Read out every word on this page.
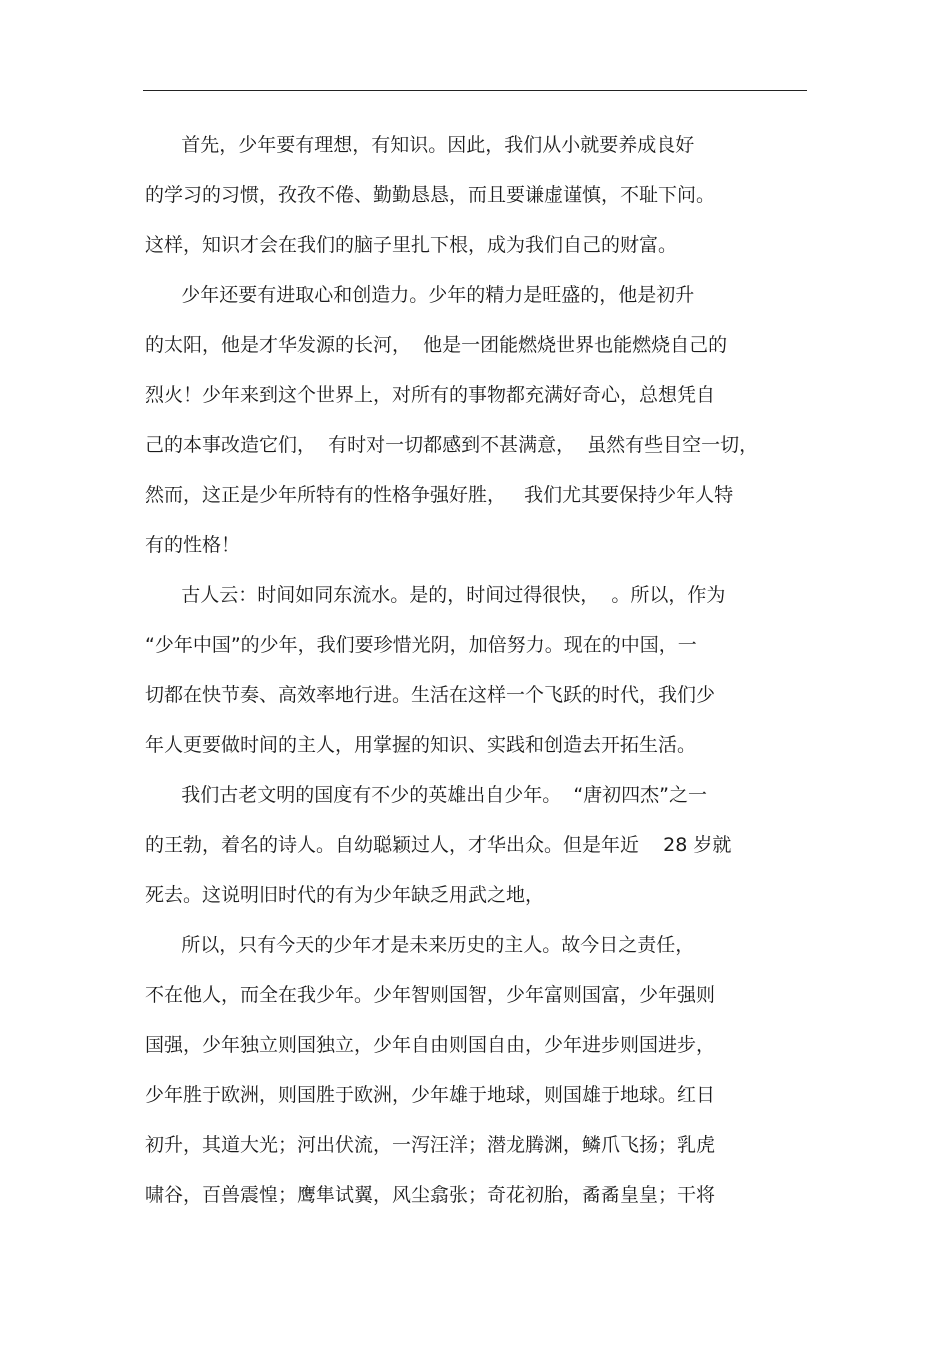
首先，少年要有理想，有知识。因此，我们从小就要养成良好
的学习的习惯，孜孜不倦、勤勤恳恳，而且要谦虚谨慎，不耻下问。
这样，知识才会在我们的脑子里扎下根，成为我们自己的财富。
少年还要有进取心和创造力。少年的精力是旺盛的，他是初升
的太阳，他是才华发源的长河，  他是一团能燃烧世界也能燃烧自己的
烈火！少年来到这个世界上，对所有的事物都充满好奇心，总想凭自
己的本事改造它们，  有时对一切都感到不甚满意，  虽然有些目空一切，
然而，这正是少年所特有的性格争强好胜，   我们尤其要保持少年人特
有的性格！
古人云：时间如同东流水。是的，时间过得很快，  。所以，作为
“少年中国”的少年，我们要珍惜光阴，加倍努力。现在的中国，一
切都在快节奏、高效率地行进。生活在这样一个飞跃的时代，我们少
年人更要做时间的主人，用掌握的知识、实践和创造去开拓生活。
我们古老文明的国度有不少的英雄出自少年。  “唐初四杰”之一
的王勃，着名的诗人。自幼聪颖过人，才华出众。但是年近    28 岁就
死去。这说明旧时代的有为少年缺乏用武之地，
所以，只有今天的少年才是未来历史的主人。故今日之责任，
不在他人，而全在我少年。少年智则国智，少年富则国富，少年强则
国强，少年独立则国独立，少年自由则国自由，少年进步则国进步，
少年胜于欧洲，则国胜于欧洲，少年雄于地球，则国雄于地球。红日
初升，其道大光；河出伏流，一泻汪洋；潜龙腾渊，鳞爪飞扬；乳虎
啸谷，百兽震惶；鹰隼试翼，风尘翕张；奇花初胎，矞矞皇皇；干将
